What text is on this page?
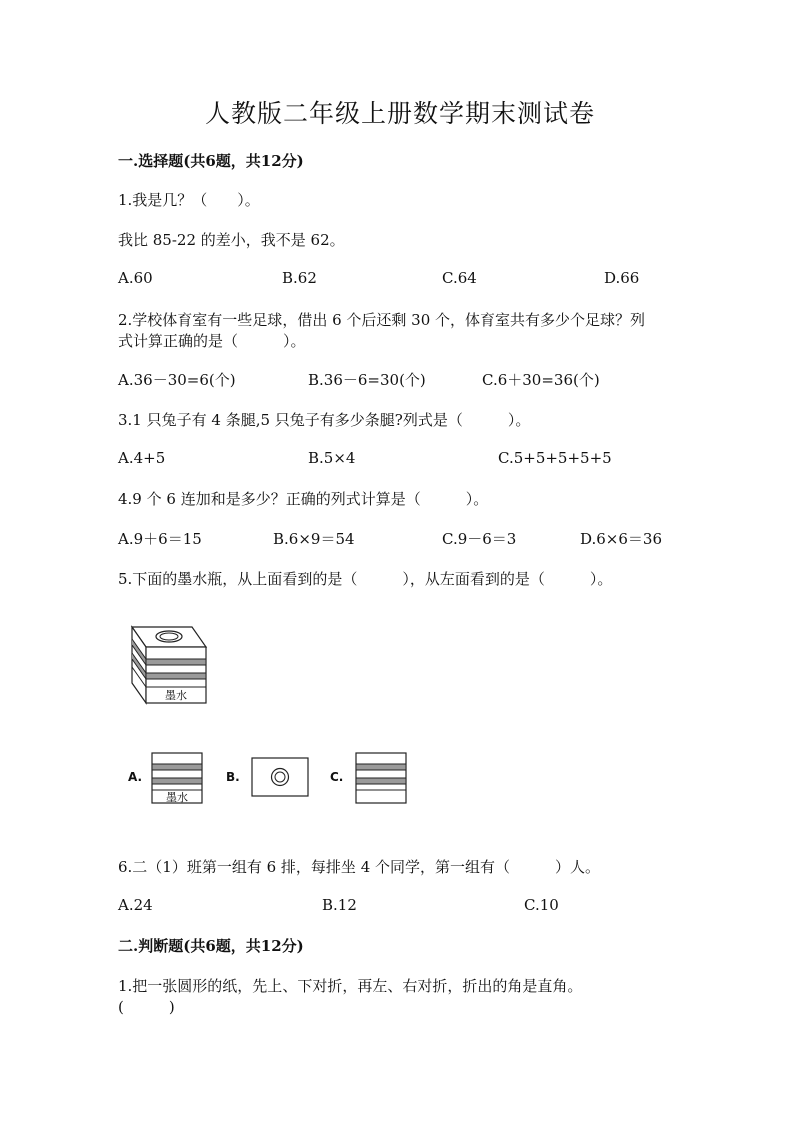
人教版二年级上册数学期末测试卷
一.选择题(共6题，共12分)
1.我是几？（　　）。
我比 85-22 的差小，我不是 62。
A.60	B.62	C.64	D.66
2.学校体育室有一些足球，借出 6 个后还剩 30 个，体育室共有多少个足球？列
式计算正确的是（　　　）。
A.36－30=6(个)	B.36－6=30(个)	C.6＋30=36(个)
3.1 只兔子有 4 条腿,5 只兔子有多少条腿?列式是（　　　）。
A.4+5	B.5×4	C.5+5+5+5+5
4.9 个 6 连加和是多少？正确的列式计算是（　　　）。
A.9＋6＝15	B.6×9＝54	C.9－6＝3	D.6×6＝36
5.下面的墨水瓶，从上面看到的是（　　　），从左面看到的是（　　　）。
墨水
A.
墨水
B.	C.
6.二（1）班第一组有 6 排，每排坐 4 个同学，第一组有（　　　）人。
A.24	B.12	C.10
二.判断题(共6题，共12分)
1.把一张圆形的纸，先上、下对折，再左、右对折，折出的角是直角。
(　　　)
